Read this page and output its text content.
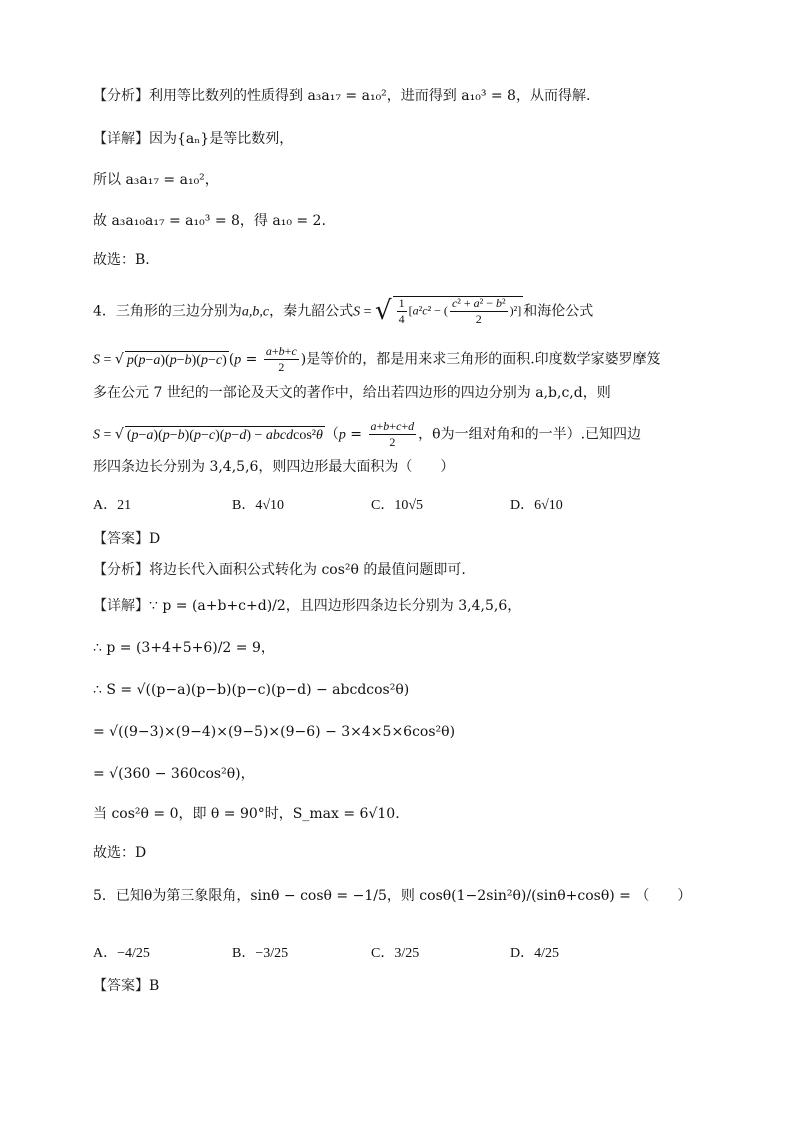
【分析】利用等比数列的性质得到 a₃a₁₇ = a₁₀²，进而得到 a₁₀³ = 8，从而得解.
【详解】因为{aₙ}是等比数列，
所以 a₃a₁₇ = a₁₀²，
故 a₃a₁₀a₁₇ = a₁₀³ = 8，得 a₁₀ = 2.
故选：B.
4．三角形的三边分别为a,b,c，秦九韶公式S = √ $\frac{1}{4} [a^2c^2$ − ( $\frac{\text{c² + a² − b²}}{2} )^2$] 和海伦公式
S = √ p(p−a)(p−b)(p−c) ($p = \frac{a+b+c}{2}$ )是等价的，都是用来求三角形的面积.印度数学家婆罗摩笈
多在公元 7 世纪的一部论及天文的著作中，给出若四边形的四边分别为 a,b,c,d，则
S = √ (p−a)(p−b)(p−c)(p−d) − abcdcos²θ （$p = \frac{a+b+c+d}{2}$ ，θ为一组对角和的一半）.已知四边
形四条边长分别为 3,4,5,6，则四边形最大面积为（　　）
A．21	B．4√10	C．10√5	D．6√10
【答案】D
【分析】将边长代入面积公式转化为 cos²θ 的最值问题即可.
【详解】∵ p = (a+b+c+d)/2，且四边形四条边长分别为 3,4,5,6，
∴ p = (3+4+5+6)/2 = 9，
∴ S = √((p−a)(p−b)(p−c)(p−d) − abcdcos²θ)
= √((9−3)×(9−4)×(9−5)×(9−6) − 3×4×5×6cos²θ)
= √(360 − 360cos²θ)，
当 cos²θ = 0，即 θ = 90°时，S_max = 6√10.
故选：D
5．已知θ为第三象限角，sinθ − cosθ = −1/5，则 cosθ(1−2sin²θ)/(sinθ+cosθ) = （　　）
A．−4/25	B．−3/25	C．3/25	D．4/25
【答案】B
